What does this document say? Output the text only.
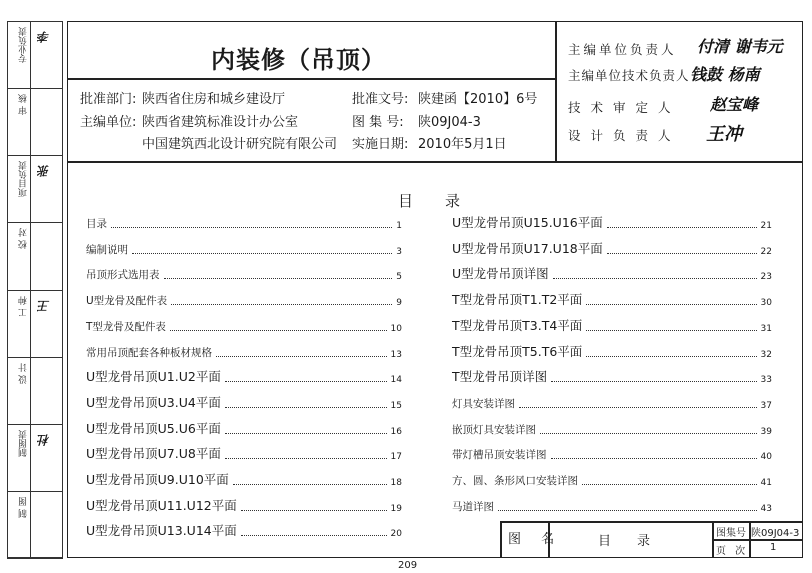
内装修（吊顶）
批准部门: 陕西省住房和城乡建设厅
主编单位: 陕西省建筑标准设计办公室
中国建筑西北设计研究院有限公司
批准文号: 陕建函【2010】6号
图 集 号: 陕09J04-3
实施日期: 2010年5月1日
主编单位负责人 付清 谢韦元
主编单位技术负责人 钱鼓 杨南
技术审定人 赵宝峰
设计负责人 王冲
目 录
目录	1
编制说明	3
吊顶形式选用表	5
U型龙骨及配件表	9
T型龙骨及配件表	10
常用吊顶配套各种板材规格	13
U型龙骨吊顶U1.U2平面	14
U型龙骨吊顶U3.U4平面	15
U型龙骨吊顶U5.U6平面	16
U型龙骨吊顶U7.U8平面	17
U型龙骨吊顶U9.U10平面	18
U型龙骨吊顶U11.U12平面	19
U型龙骨吊顶U13.U14平面	20
U型龙骨吊顶U15.U16平面	21
U型龙骨吊顶U17.U18平面	22
U型龙骨吊顶详图	23
T型龙骨吊顶T1.T2平面	30
T型龙骨吊顶T3.T4平面	31
T型龙骨吊顶T5.T6平面	32
T型龙骨吊顶详图	33
灯具安装详图	37
嵌顶灯具安装详图	39
带灯槽吊顶安装详图	40
方、圆、条形风口安装详图	41
马道详图	43
专业负责 李
审 核
项目负责 张
校 对
工 种 王
设 计
制图责 杜
制 图
图 名	目　　录
图集号 陕09J04-3
页 次 1
209
